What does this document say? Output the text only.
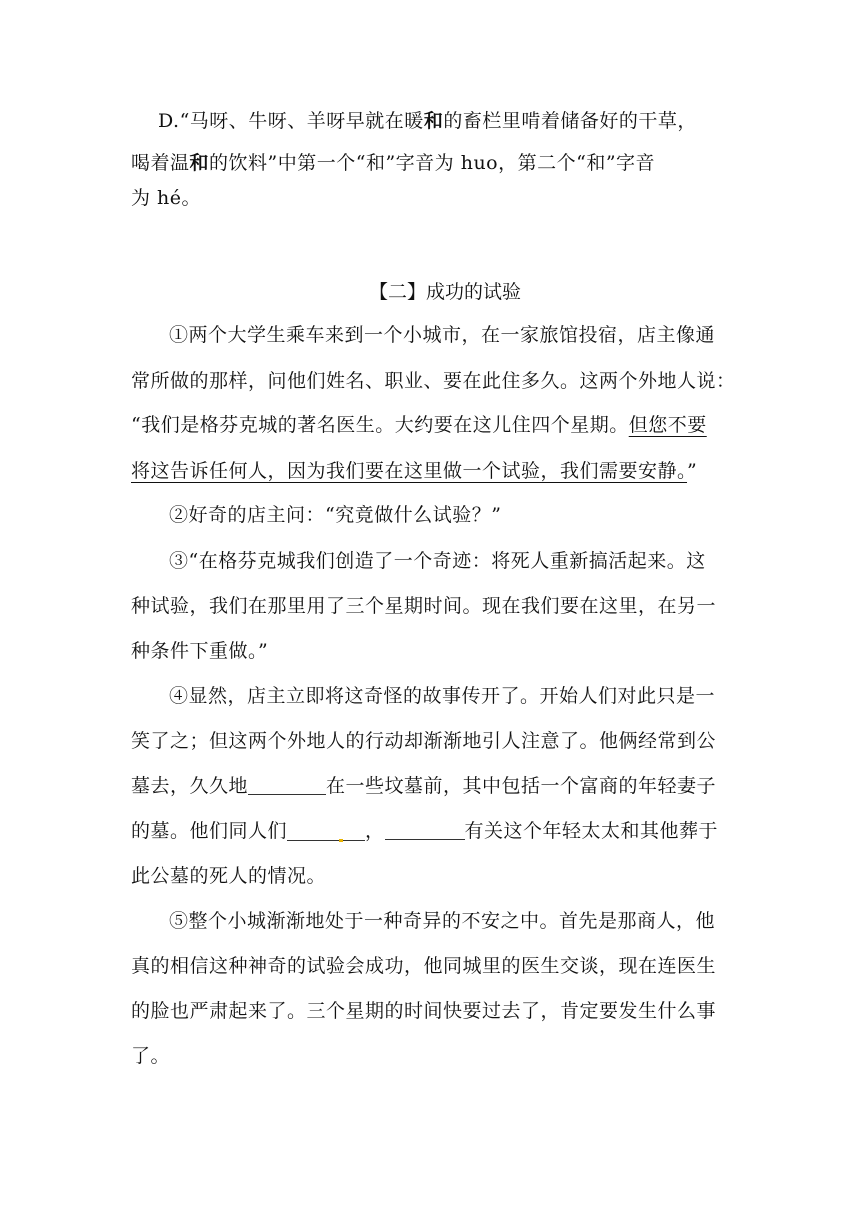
D.“马呀、牛呀、羊呀早就在暖和的畜栏里啃着储备好的干草，
喝着温和的饮料”中第一个“和”字音为 huo，第二个“和”字音
为 hé。
【二】成功的试验
①两个大学生乘车来到一个小城市，在一家旅馆投宿，店主像通
常所做的那样，问他们姓名、职业、要在此住多久。这两个外地人说：
“我们是格芬克城的著名医生。大约要在这儿住四个星期。但您不要
将这告诉任何人，因为我们要在这里做一个试验，我们需要安静。”
②好奇的店主问：“究竟做什么试验？”
③“在格芬克城我们创造了一个奇迹：将死人重新搞活起来。这
种试验，我们在那里用了三个星期时间。现在我们要在这里，在另一
种条件下重做。”
④显然，店主立即将这奇怪的故事传开了。开始人们对此只是一
笑了之；但这两个外地人的行动却渐渐地引人注意了。他俩经常到公
墓去，久久地	在一些坟墓前，其中包括一个富商的年轻妻子
的墓。他们同人们	，	有关这个年轻太太和其他葬于
此公墓的死人的情况。
⑤整个小城渐渐地处于一种奇异的不安之中。首先是那商人，他
真的相信这种神奇的试验会成功，他同城里的医生交谈，现在连医生
的脸也严肃起来了。三个星期的时间快要过去了，肯定要发生什么事
了。
